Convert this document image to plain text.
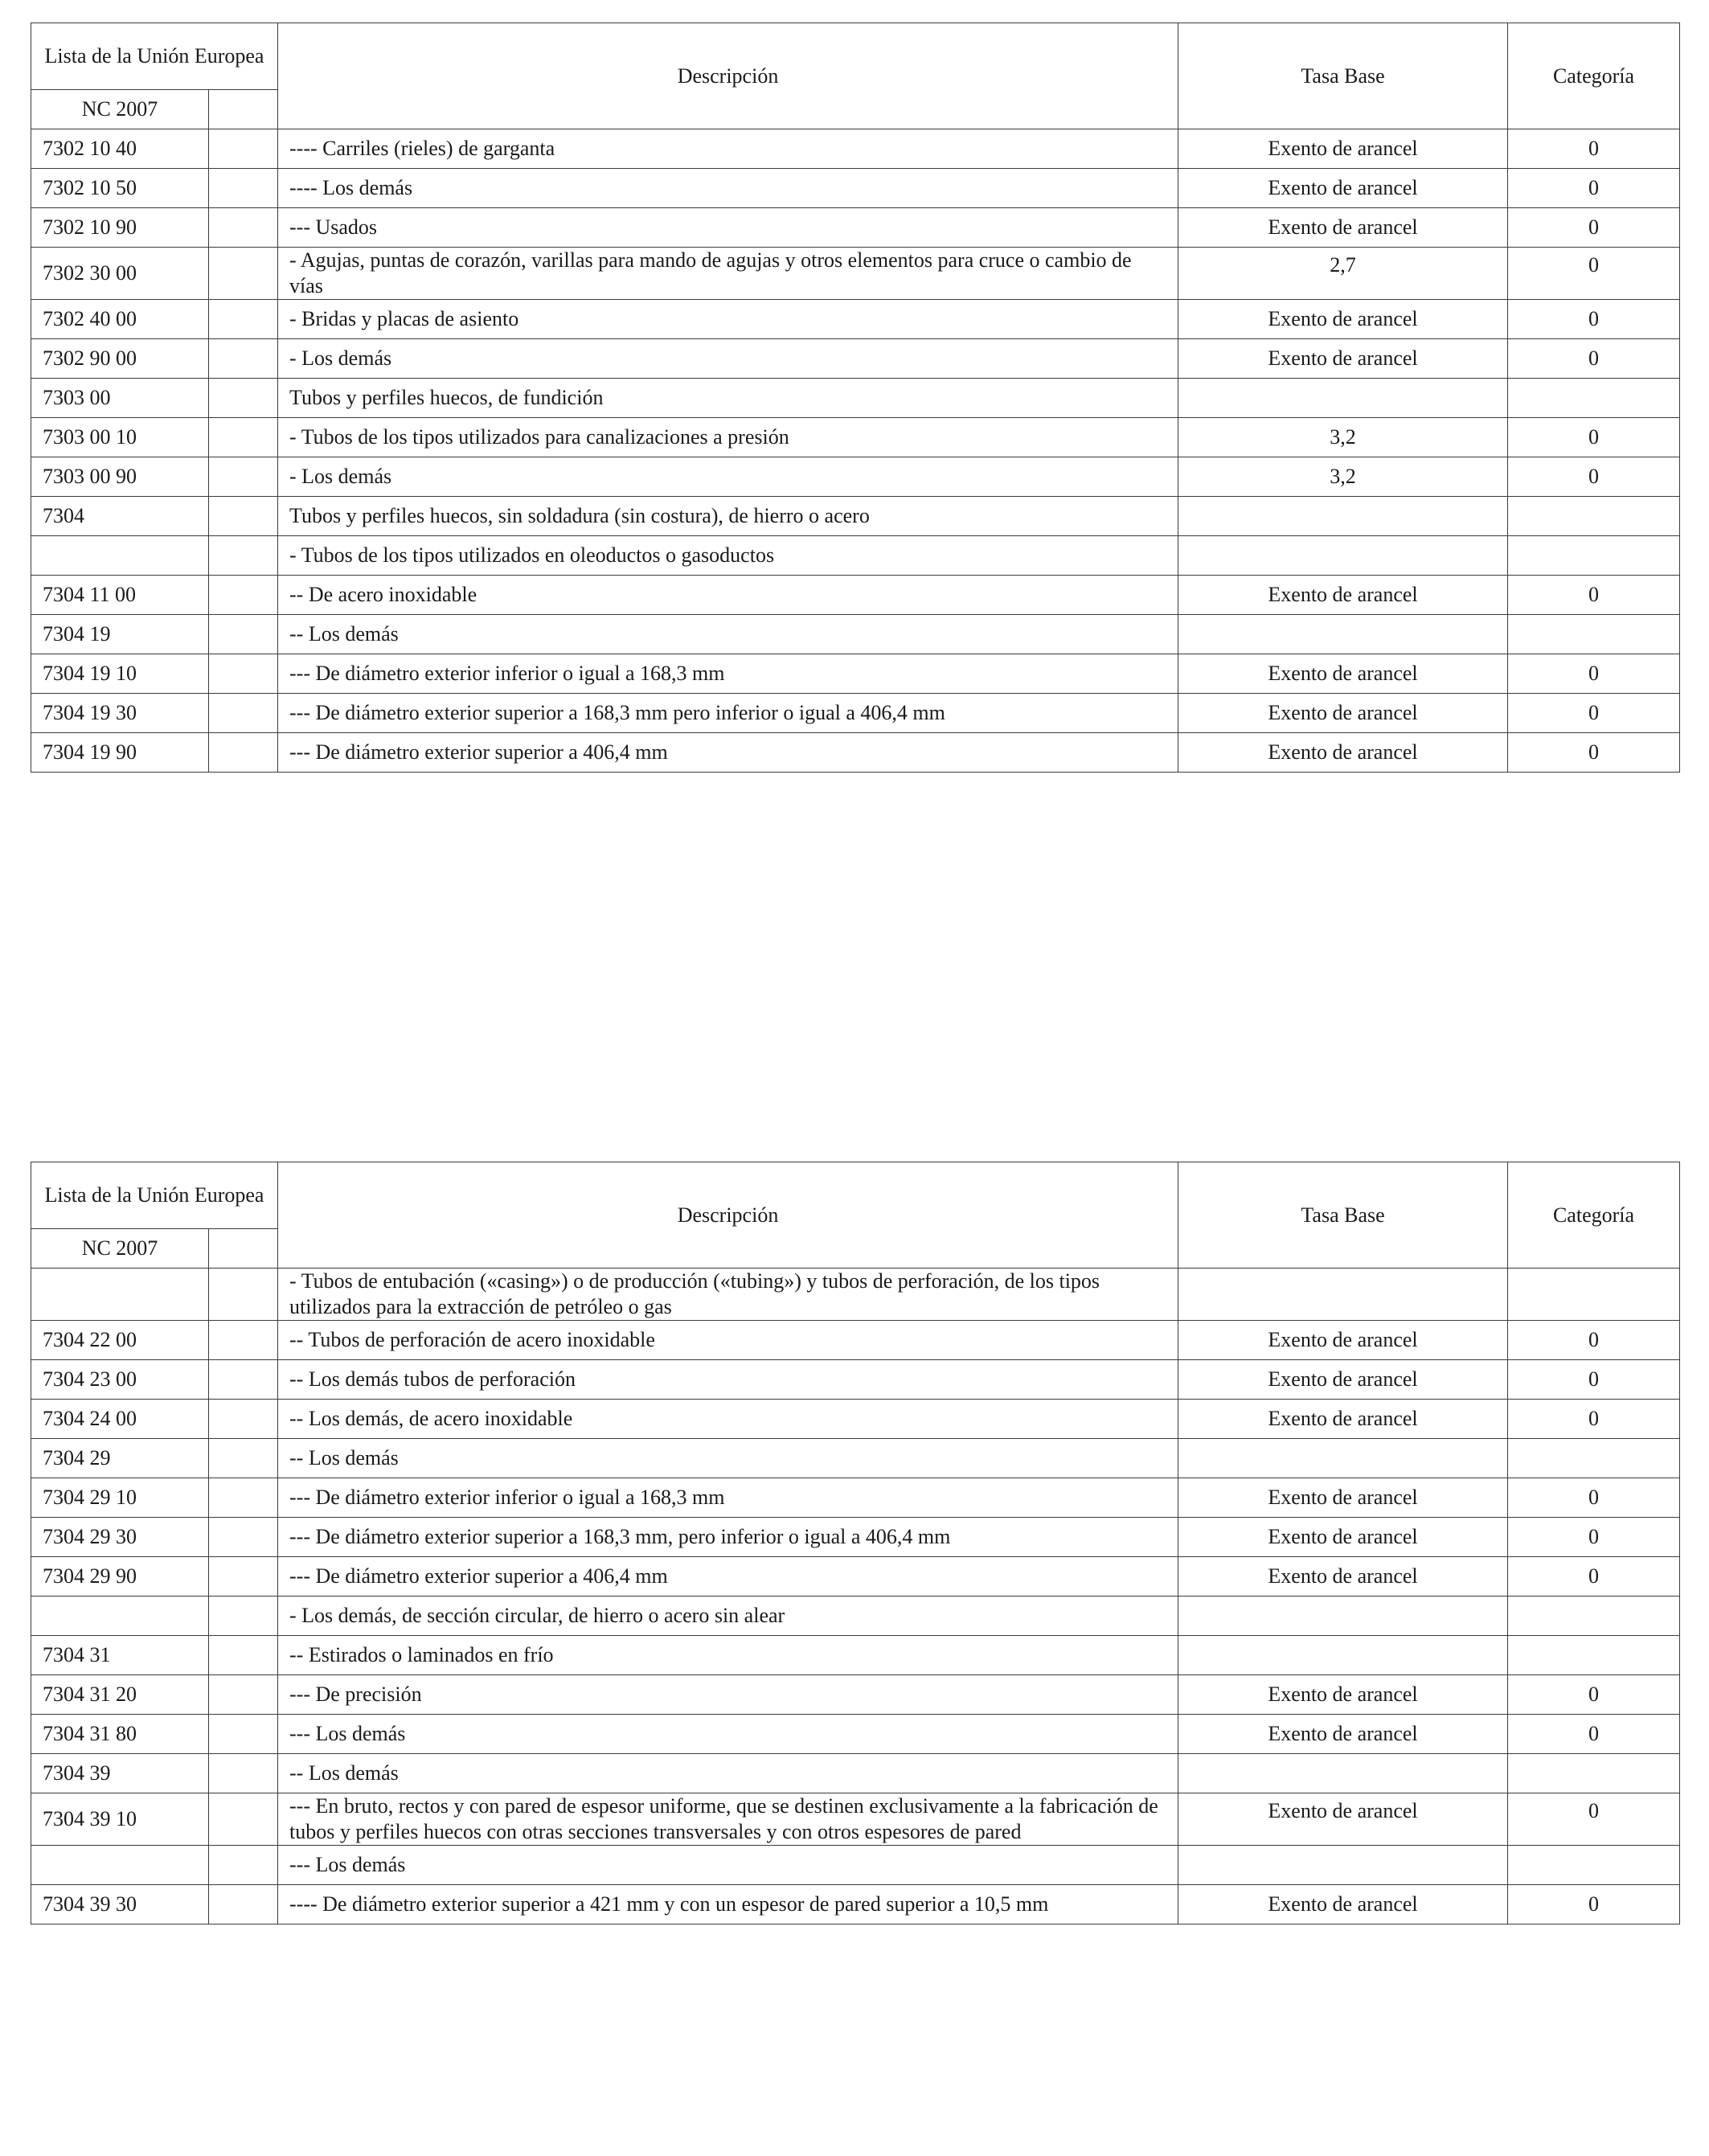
Lista de la Unión Europea		Descripción	Tasa Base	Categoría
NC 2007				
7302 10 40		---- Carriles (rieles) de garganta	Exento de arancel	0
7302 10 50		---- Los demás	Exento de arancel	0
7302 10 90		--- Usados	Exento de arancel	0
7302 30 00		- Agujas, puntas de corazón, varillas para mando de agujas y otros elementos para cruce o cambio de vías	2,7	0
7302 40 00		- Bridas y placas de asiento	Exento de arancel	0
7302 90 00		- Los demás	Exento de arancel	0
7303 00		Tubos y perfiles huecos, de fundición		
7303 00 10		- Tubos de los tipos utilizados para canalizaciones a presión	3,2	0
7303 00 90		- Los demás	3,2	0
7304		Tubos y perfiles huecos, sin soldadura (sin costura), de hierro o acero		
		- Tubos de los tipos utilizados en oleoductos o gasoductos		
7304 11 00		-- De acero inoxidable	Exento de arancel	0
7304 19		-- Los demás		
7304 19 10		--- De diámetro exterior inferior o igual a 168,3 mm	Exento de arancel	0
7304 19 30		--- De diámetro exterior superior a 168,3 mm pero inferior o igual a 406,4 mm	Exento de arancel	0
7304 19 90		--- De diámetro exterior superior a 406,4 mm	Exento de arancel	0
Lista de la Unión Europea		Descripción	Tasa Base	Categoría
NC 2007				
		- Tubos de entubación («casing») o de producción («tubing») y tubos de perforación, de los tipos utilizados para la extracción de petróleo o gas		
7304 22 00		-- Tubos de perforación de acero inoxidable	Exento de arancel	0
7304 23 00		-- Los demás tubos de perforación	Exento de arancel	0
7304 24 00		-- Los demás, de acero inoxidable	Exento de arancel	0
7304 29		-- Los demás		
7304 29 10		--- De diámetro exterior inferior o igual a 168,3 mm	Exento de arancel	0
7304 29 30		--- De diámetro exterior superior a 168,3 mm, pero inferior o igual a 406,4 mm	Exento de arancel	0
7304 29 90		--- De diámetro exterior superior a 406,4 mm	Exento de arancel	0
		- Los demás, de sección circular, de hierro o acero sin alear		
7304 31		-- Estirados o laminados en frío		
7304 31 20		--- De precisión	Exento de arancel	0
7304 31 80		--- Los demás	Exento de arancel	0
7304 39		-- Los demás		
7304 39 10		--- En bruto, rectos y con pared de espesor uniforme, que se destinen exclusivamente a la fabricación de tubos y perfiles huecos con otras secciones transversales y con otros espesores de pared	Exento de arancel	0
		--- Los demás		
7304 39 30		---- De diámetro exterior superior a 421 mm y con un espesor de pared superior a 10,5 mm	Exento de arancel	0
